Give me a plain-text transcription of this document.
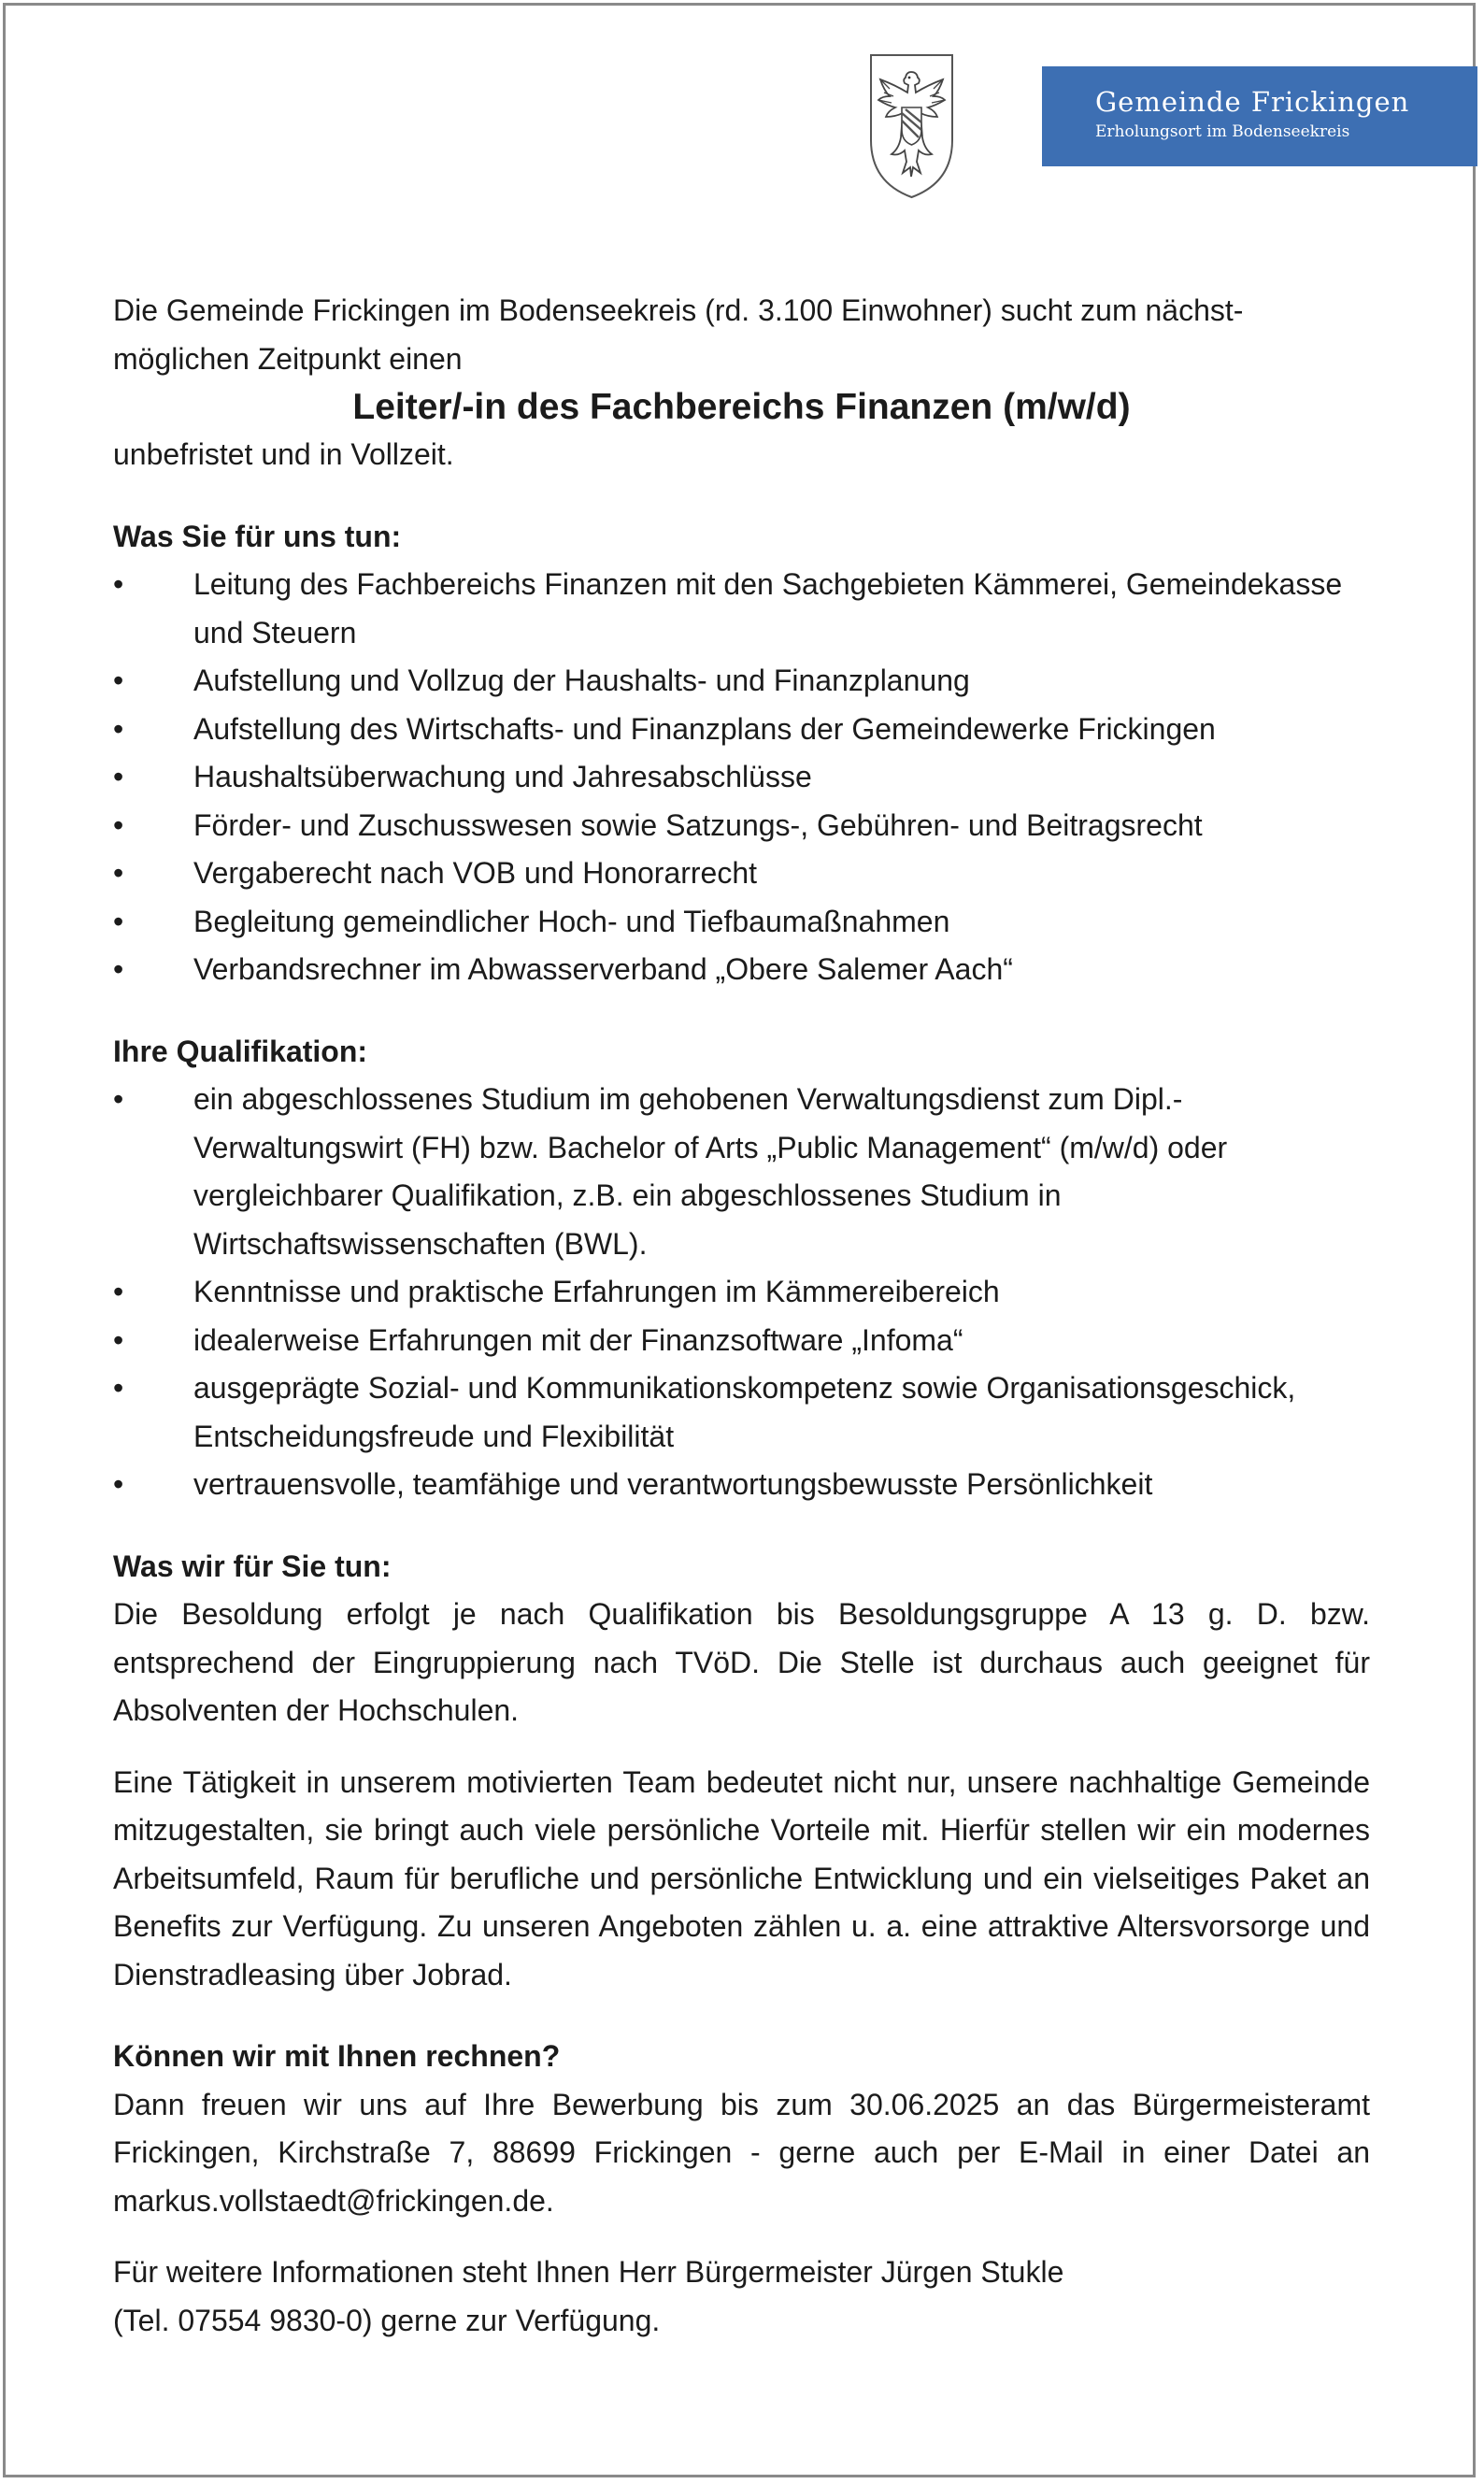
Gemeinde Frickingen
Erholungsort im Bodenseekreis

Die Gemeinde Frickingen im Bodenseekreis (rd. 3.100 Einwohner) sucht zum nächst-
möglichen Zeitpunkt einen

Leiter/-in des Fachbereichs Finanzen (m/w/d)

unbefristet und in Vollzeit.

Was Sie für uns tun:

• Leitung des Fachbereichs Finanzen mit den Sachgebieten Kämmerei, Gemeindekasse und Steuern
• Aufstellung und Vollzug der Haushalts- und Finanzplanung
• Aufstellung des Wirtschafts- und Finanzplans der Gemeindewerke Frickingen
• Haushaltsüberwachung und Jahresabschlüsse
• Förder- und Zuschusswesen sowie Satzungs-, Gebühren- und Beitragsrecht
• Vergaberecht nach VOB und Honorarrecht
• Begleitung gemeindlicher Hoch- und Tiefbaumaßnahmen
• Verbandsrechner im Abwasserverband „Obere Salemer Aach“

Ihre Qualifikation:

• ein abgeschlossenes Studium im gehobenen Verwaltungsdienst zum Dipl.-Verwaltungswirt (FH) bzw. Bachelor of Arts „Public Management“ (m/w/d) oder vergleichbarer Qualifikation, z.B. ein abgeschlossenes Studium in Wirtschaftswissenschaften (BWL).
• Kenntnisse und praktische Erfahrungen im Kämmereibereich
• idealerweise Erfahrungen mit der Finanzsoftware „Infoma“
• ausgeprägte Sozial- und Kommunikationskompetenz sowie Organisationsgeschick, Entscheidungsfreude und Flexibilität
• vertrauensvolle, teamfähige und verantwortungsbewusste Persönlichkeit

Was wir für Sie tun:

Die Besoldung erfolgt je nach Qualifikation bis Besoldungsgruppe A 13 g. D. bzw. entsprechend der Eingruppierung nach TVöD. Die Stelle ist durchaus auch geeignet für Absolventen der Hochschulen.

Eine Tätigkeit in unserem motivierten Team bedeutet nicht nur, unsere nachhaltige Gemeinde mitzugestalten, sie bringt auch viele persönliche Vorteile mit. Hierfür stellen wir ein modernes Arbeitsumfeld, Raum für berufliche und persönliche Entwicklung und ein vielseitiges Paket an Benefits zur Verfügung. Zu unseren Angeboten zählen u. a. eine attraktive Altersvorsorge und Dienstradleasing über Jobrad.

Können wir mit Ihnen rechnen?

Dann freuen wir uns auf Ihre Bewerbung bis zum 30.06.2025 an das Bürgermeisteramt Frickingen, Kirchstraße 7, 88699 Frickingen - gerne auch per E-Mail in einer Datei an markus.vollstaedt@frickingen.de.

Für weitere Informationen steht Ihnen Herr Bürgermeister Jürgen Stukle
(Tel. 07554 9830-0) gerne zur Verfügung.
